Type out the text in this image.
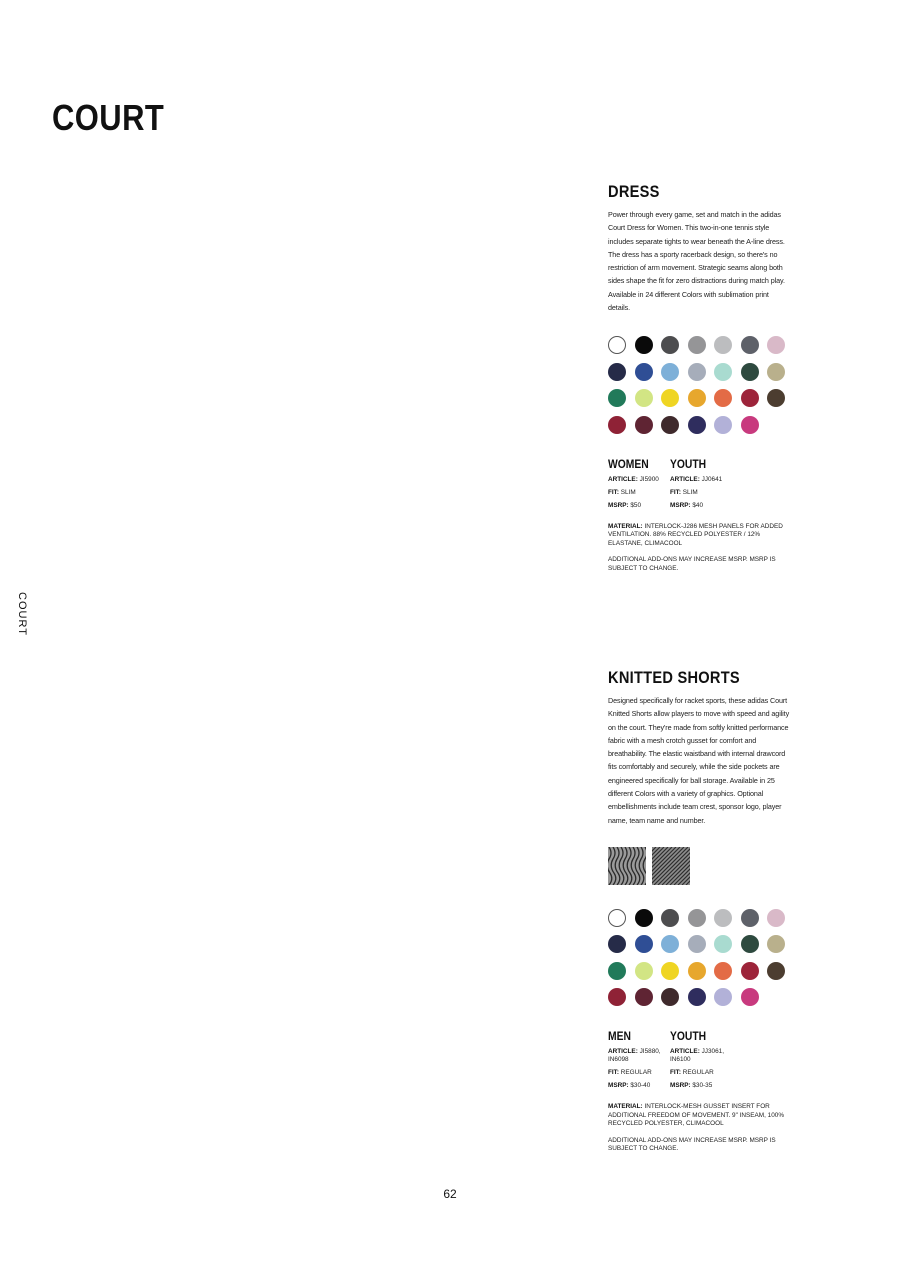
COURT
COURT
DRESS

Power through every game, set and match in the adidas Court Dress for Women. This two-in-one tennis style includes separate tights to wear beneath the A-line dress. The dress has a sporty racerback design, so there's no restriction of arm movement. Strategic seams along both sides shape the fit for zero distractions during match play. Available in 24 different Colors with sublimation print details.

WOMEN
ARTICLE: JI5900
FIT: SLIM
MSRP: $50
YOUTH
ARTICLE: JJ0641
FIT: SLIM
MSRP: $40
MATERIAL: INTERLOCK-J286 MESH PANELS FOR ADDED VENTILATION. 88% RECYCLED POLYESTER / 12% ELASTANE, CLIMACOOL
ADDITIONAL ADD-ONS MAY INCREASE MSRP. MSRP IS SUBJECT TO CHANGE.
KNITTED SHORTS

Designed specifically for racket sports, these adidas Court Knitted Shorts allow players to move with speed and agility on the court. They're made from softly knitted performance fabric with a mesh crotch gusset for comfort and breathability. The elastic waistband with internal drawcord fits comfortably and securely, while the side pockets are engineered specifically for ball storage. Available in 25 different Colors with a variety of graphics. Optional embellishments include team crest, sponsor logo, player name, team name and number.

MEN
ARTICLE: JI5880, IN6098
FIT: REGULAR
MSRP: $30-40
YOUTH
ARTICLE: JJ3061, IN6100
FIT: REGULAR
MSRP: $30-35
MATERIAL: INTERLOCK-MESH GUSSET INSERT FOR ADDITIONAL FREEDOM OF MOVEMENT. 9" INSEAM, 100% RECYCLED POLYESTER, CLIMACOOL
ADDITIONAL ADD-ONS MAY INCREASE MSRP. MSRP IS SUBJECT TO CHANGE.
62
